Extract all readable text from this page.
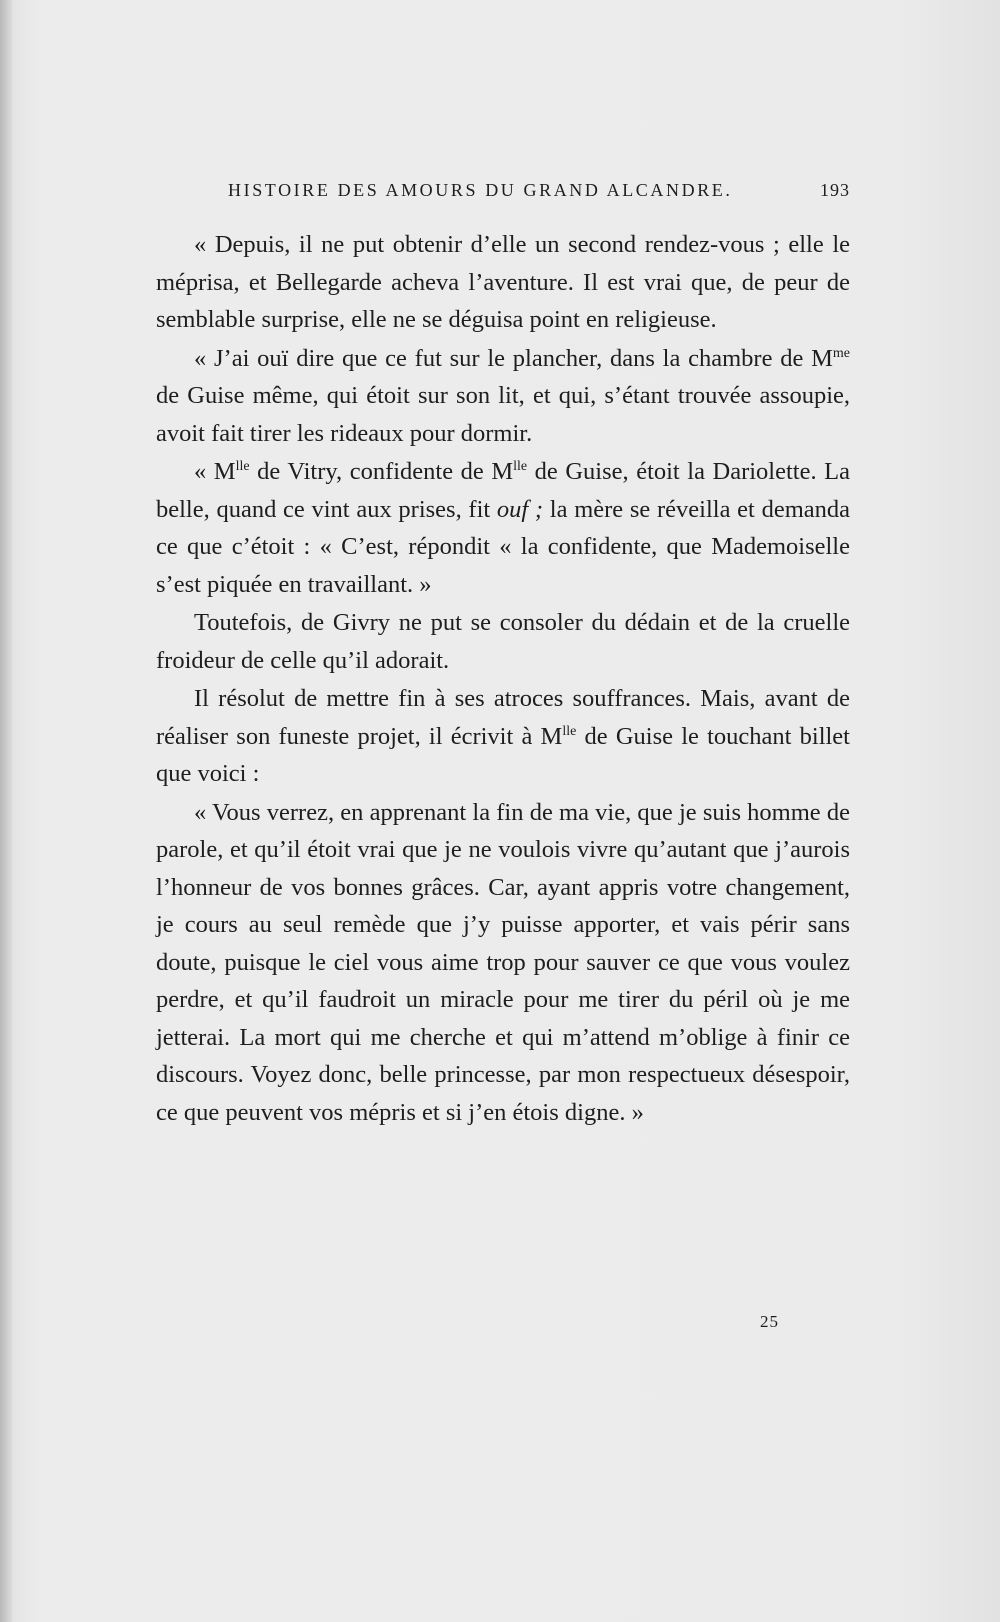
HISTOIRE DES AMOURS DU GRAND ALCANDRE.	193

« Depuis, il ne put obtenir d’elle un second rendez-vous ; elle le méprisa, et Bellegarde acheva l’aventure. Il est vrai que, de peur de semblable surprise, elle ne se déguisa point en religieuse.

« J’ai ouï dire que ce fut sur le plancher, dans la chambre de $M^{me}$ de Guise même, qui étoit sur son lit, et qui, s’étant trouvée assoupie, avoit fait tirer les rideaux pour dormir.

« $M^{lle}$ de Vitry, confidente de $M^{lle}$ de Guise, étoit la Dariolette. La belle, quand ce vint aux prises, fit ouf ; la mère se réveilla et demanda ce que c’étoit : « C’est, répondit « la confidente, que Mademoiselle s’est piquée en travaillant. »

Toutefois, de Givry ne put se consoler du dédain et de la cruelle froideur de celle qu’il adorait.

Il résolut de mettre fin à ses atroces souffrances. Mais, avant de réaliser son funeste projet, il écrivit à $M^{lle}$ de Guise le touchant billet que voici :

« Vous verrez, en apprenant la fin de ma vie, que je suis homme de parole, et qu’il étoit vrai que je ne voulois vivre qu’autant que j’aurois l’honneur de vos bonnes grâces. Car, ayant appris votre changement, je cours au seul remède que j’y puisse apporter, et vais périr sans doute, puisque le ciel vous aime trop pour sauver ce que vous voulez perdre, et qu’il faudroit un miracle pour me tirer du péril où je me jetterai. La mort qui me cherche et qui m’attend m’oblige à finir ce discours. Voyez donc, belle princesse, par mon respectueux désespoir, ce que peuvent vos mépris et si j’en étois digne. »

25
